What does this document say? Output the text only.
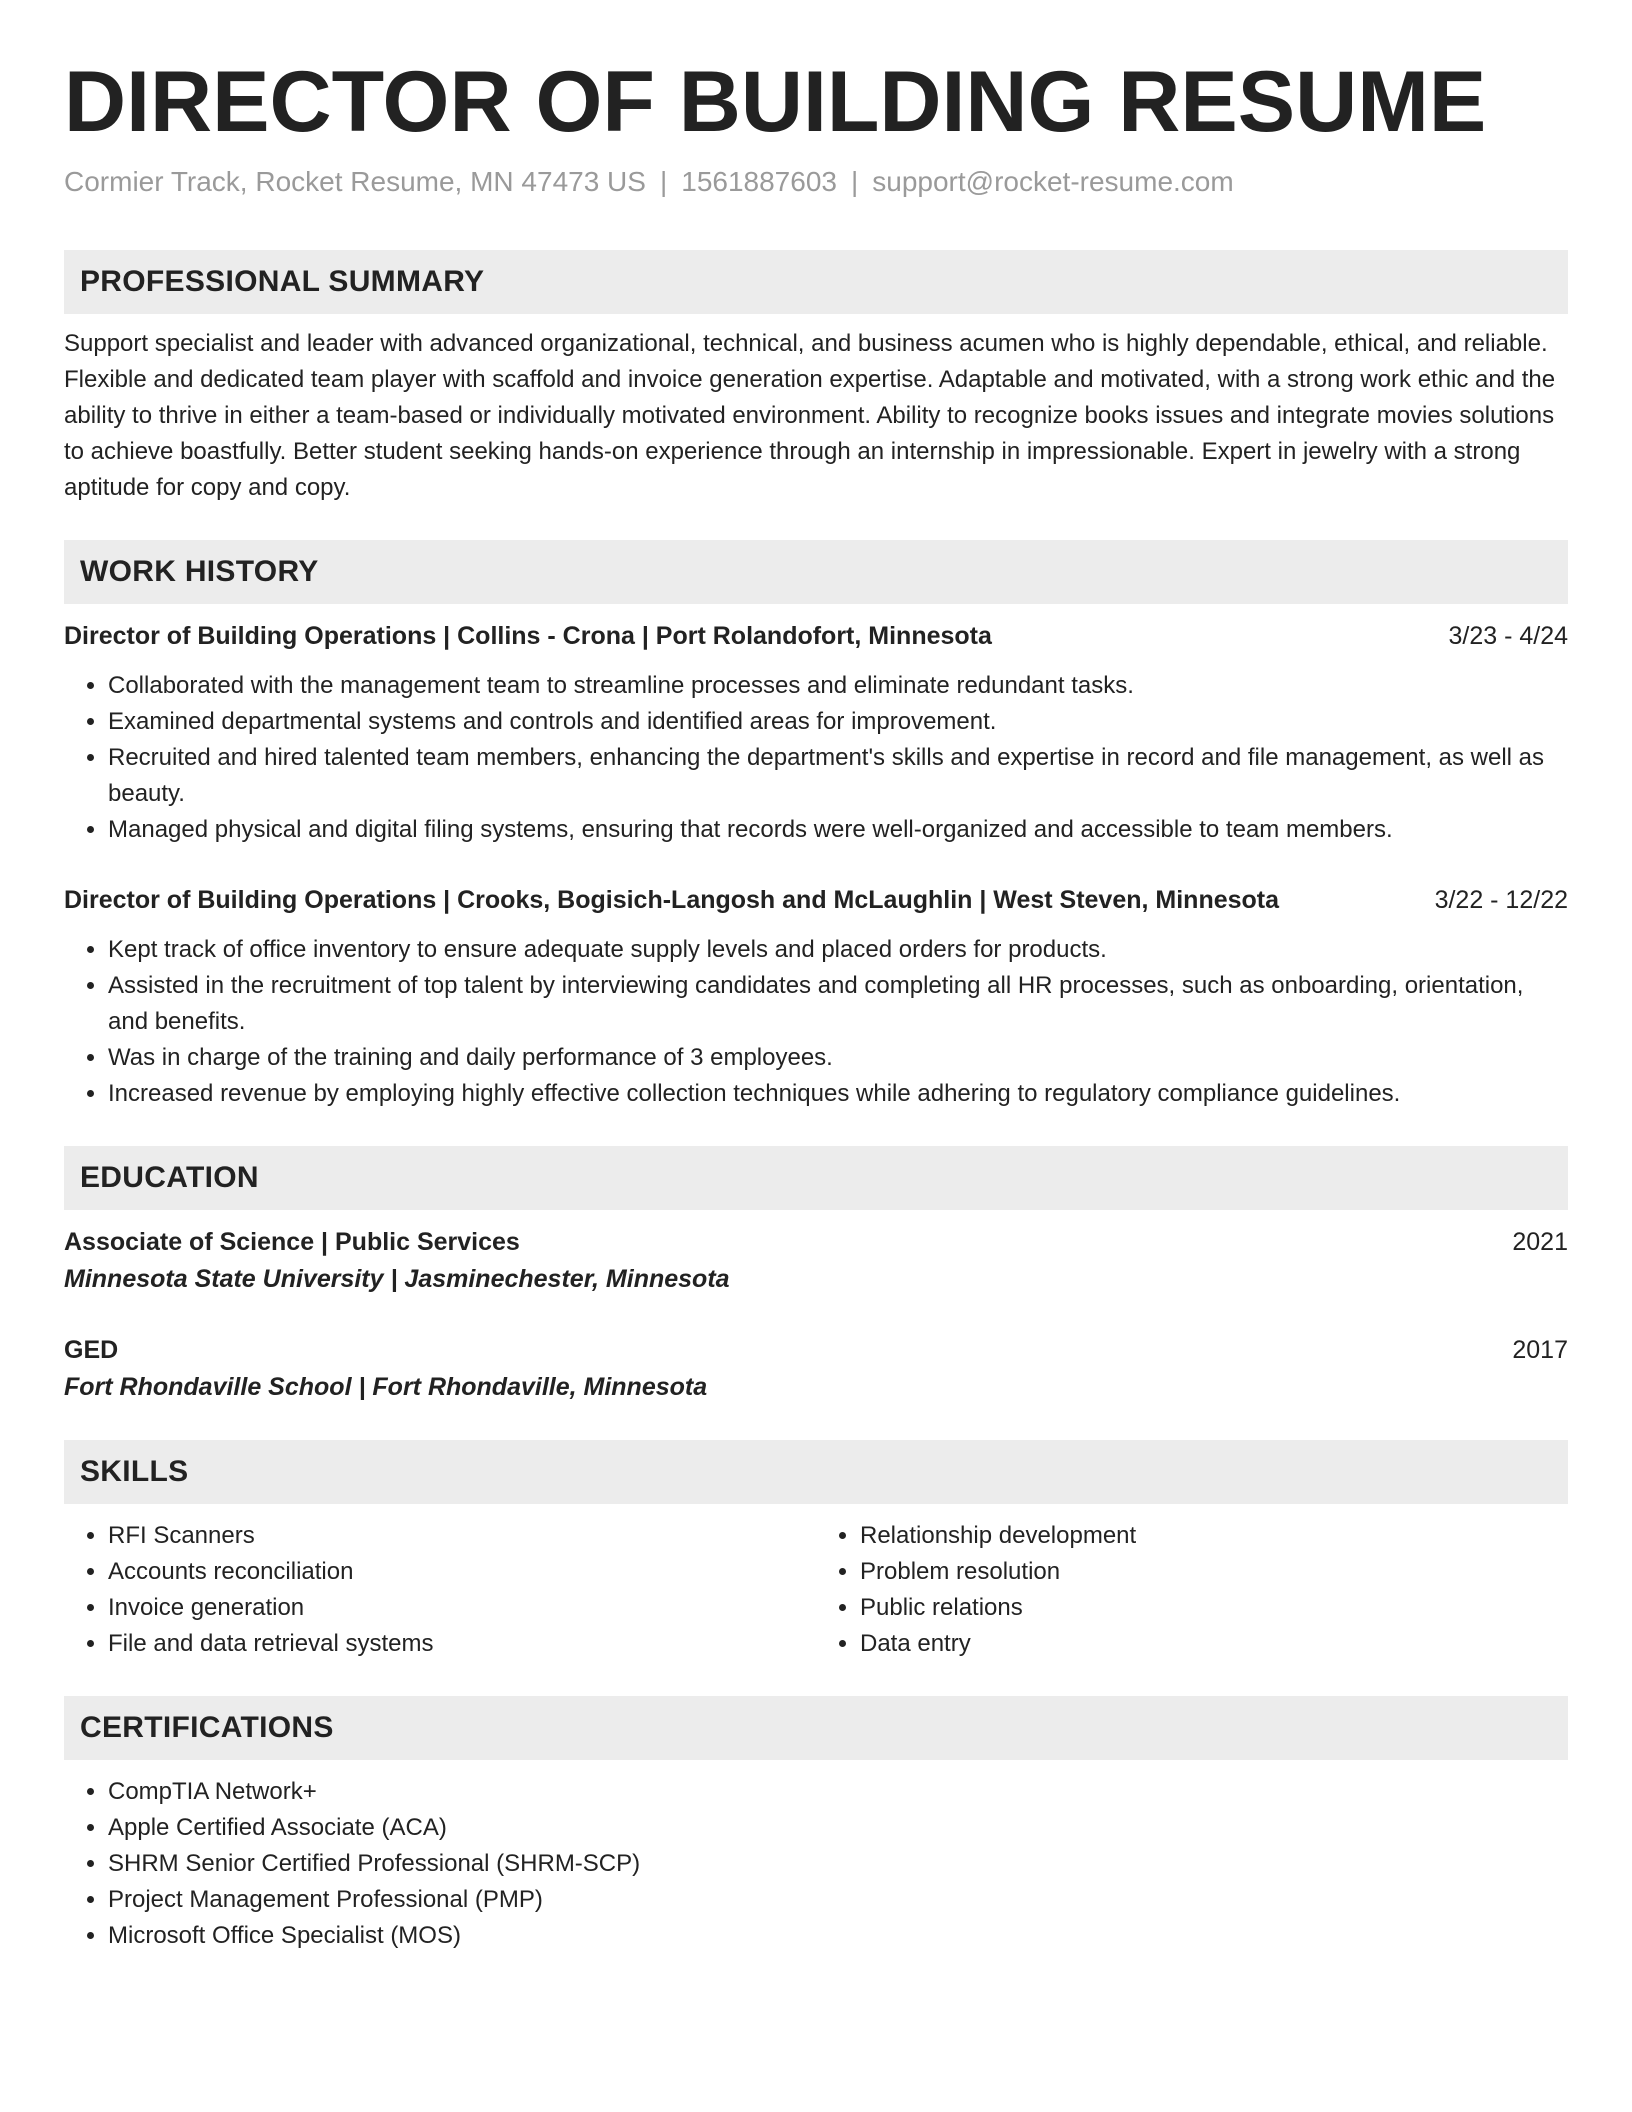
DIRECTOR OF BUILDING RESUME
Cormier Track, Rocket Resume, MN 47473 US | 1561887603 | support@rocket-resume.com
PROFESSIONAL SUMMARY
Support specialist and leader with advanced organizational, technical, and business acumen who is highly dependable, ethical, and reliable. Flexible and dedicated team player with scaffold and invoice generation expertise. Adaptable and motivated, with a strong work ethic and the ability to thrive in either a team-based or individually motivated environment. Ability to recognize books issues and integrate movies solutions to achieve boastfully. Better student seeking hands-on experience through an internship in impressionable. Expert in jewelry with a strong aptitude for copy and copy.
WORK HISTORY
Director of Building Operations | Collins - Crona | Port Rolandofort, Minnesota	3/23 - 4/24
• Collaborated with the management team to streamline processes and eliminate redundant tasks.
• Examined departmental systems and controls and identified areas for improvement.
• Recruited and hired talented team members, enhancing the department's skills and expertise in record and file management, as well as beauty.
• Managed physical and digital filing systems, ensuring that records were well-organized and accessible to team members.
Director of Building Operations | Crooks, Bogisich-Langosh and McLaughlin | West Steven, Minnesota	3/22 - 12/22
• Kept track of office inventory to ensure adequate supply levels and placed orders for products.
• Assisted in the recruitment of top talent by interviewing candidates and completing all HR processes, such as onboarding, orientation, and benefits.
• Was in charge of the training and daily performance of 3 employees.
• Increased revenue by employing highly effective collection techniques while adhering to regulatory compliance guidelines.
EDUCATION
Associate of Science | Public Services	2021
Minnesota State University | Jasminechester, Minnesota
GED	2017
Fort Rhondaville School | Fort Rhondaville, Minnesota
SKILLS
• RFI Scanners
• Accounts reconciliation
• Invoice generation
• File and data retrieval systems
• Relationship development
• Problem resolution
• Public relations
• Data entry
CERTIFICATIONS
• CompTIA Network+
• Apple Certified Associate (ACA)
• SHRM Senior Certified Professional (SHRM-SCP)
• Project Management Professional (PMP)
• Microsoft Office Specialist (MOS)
